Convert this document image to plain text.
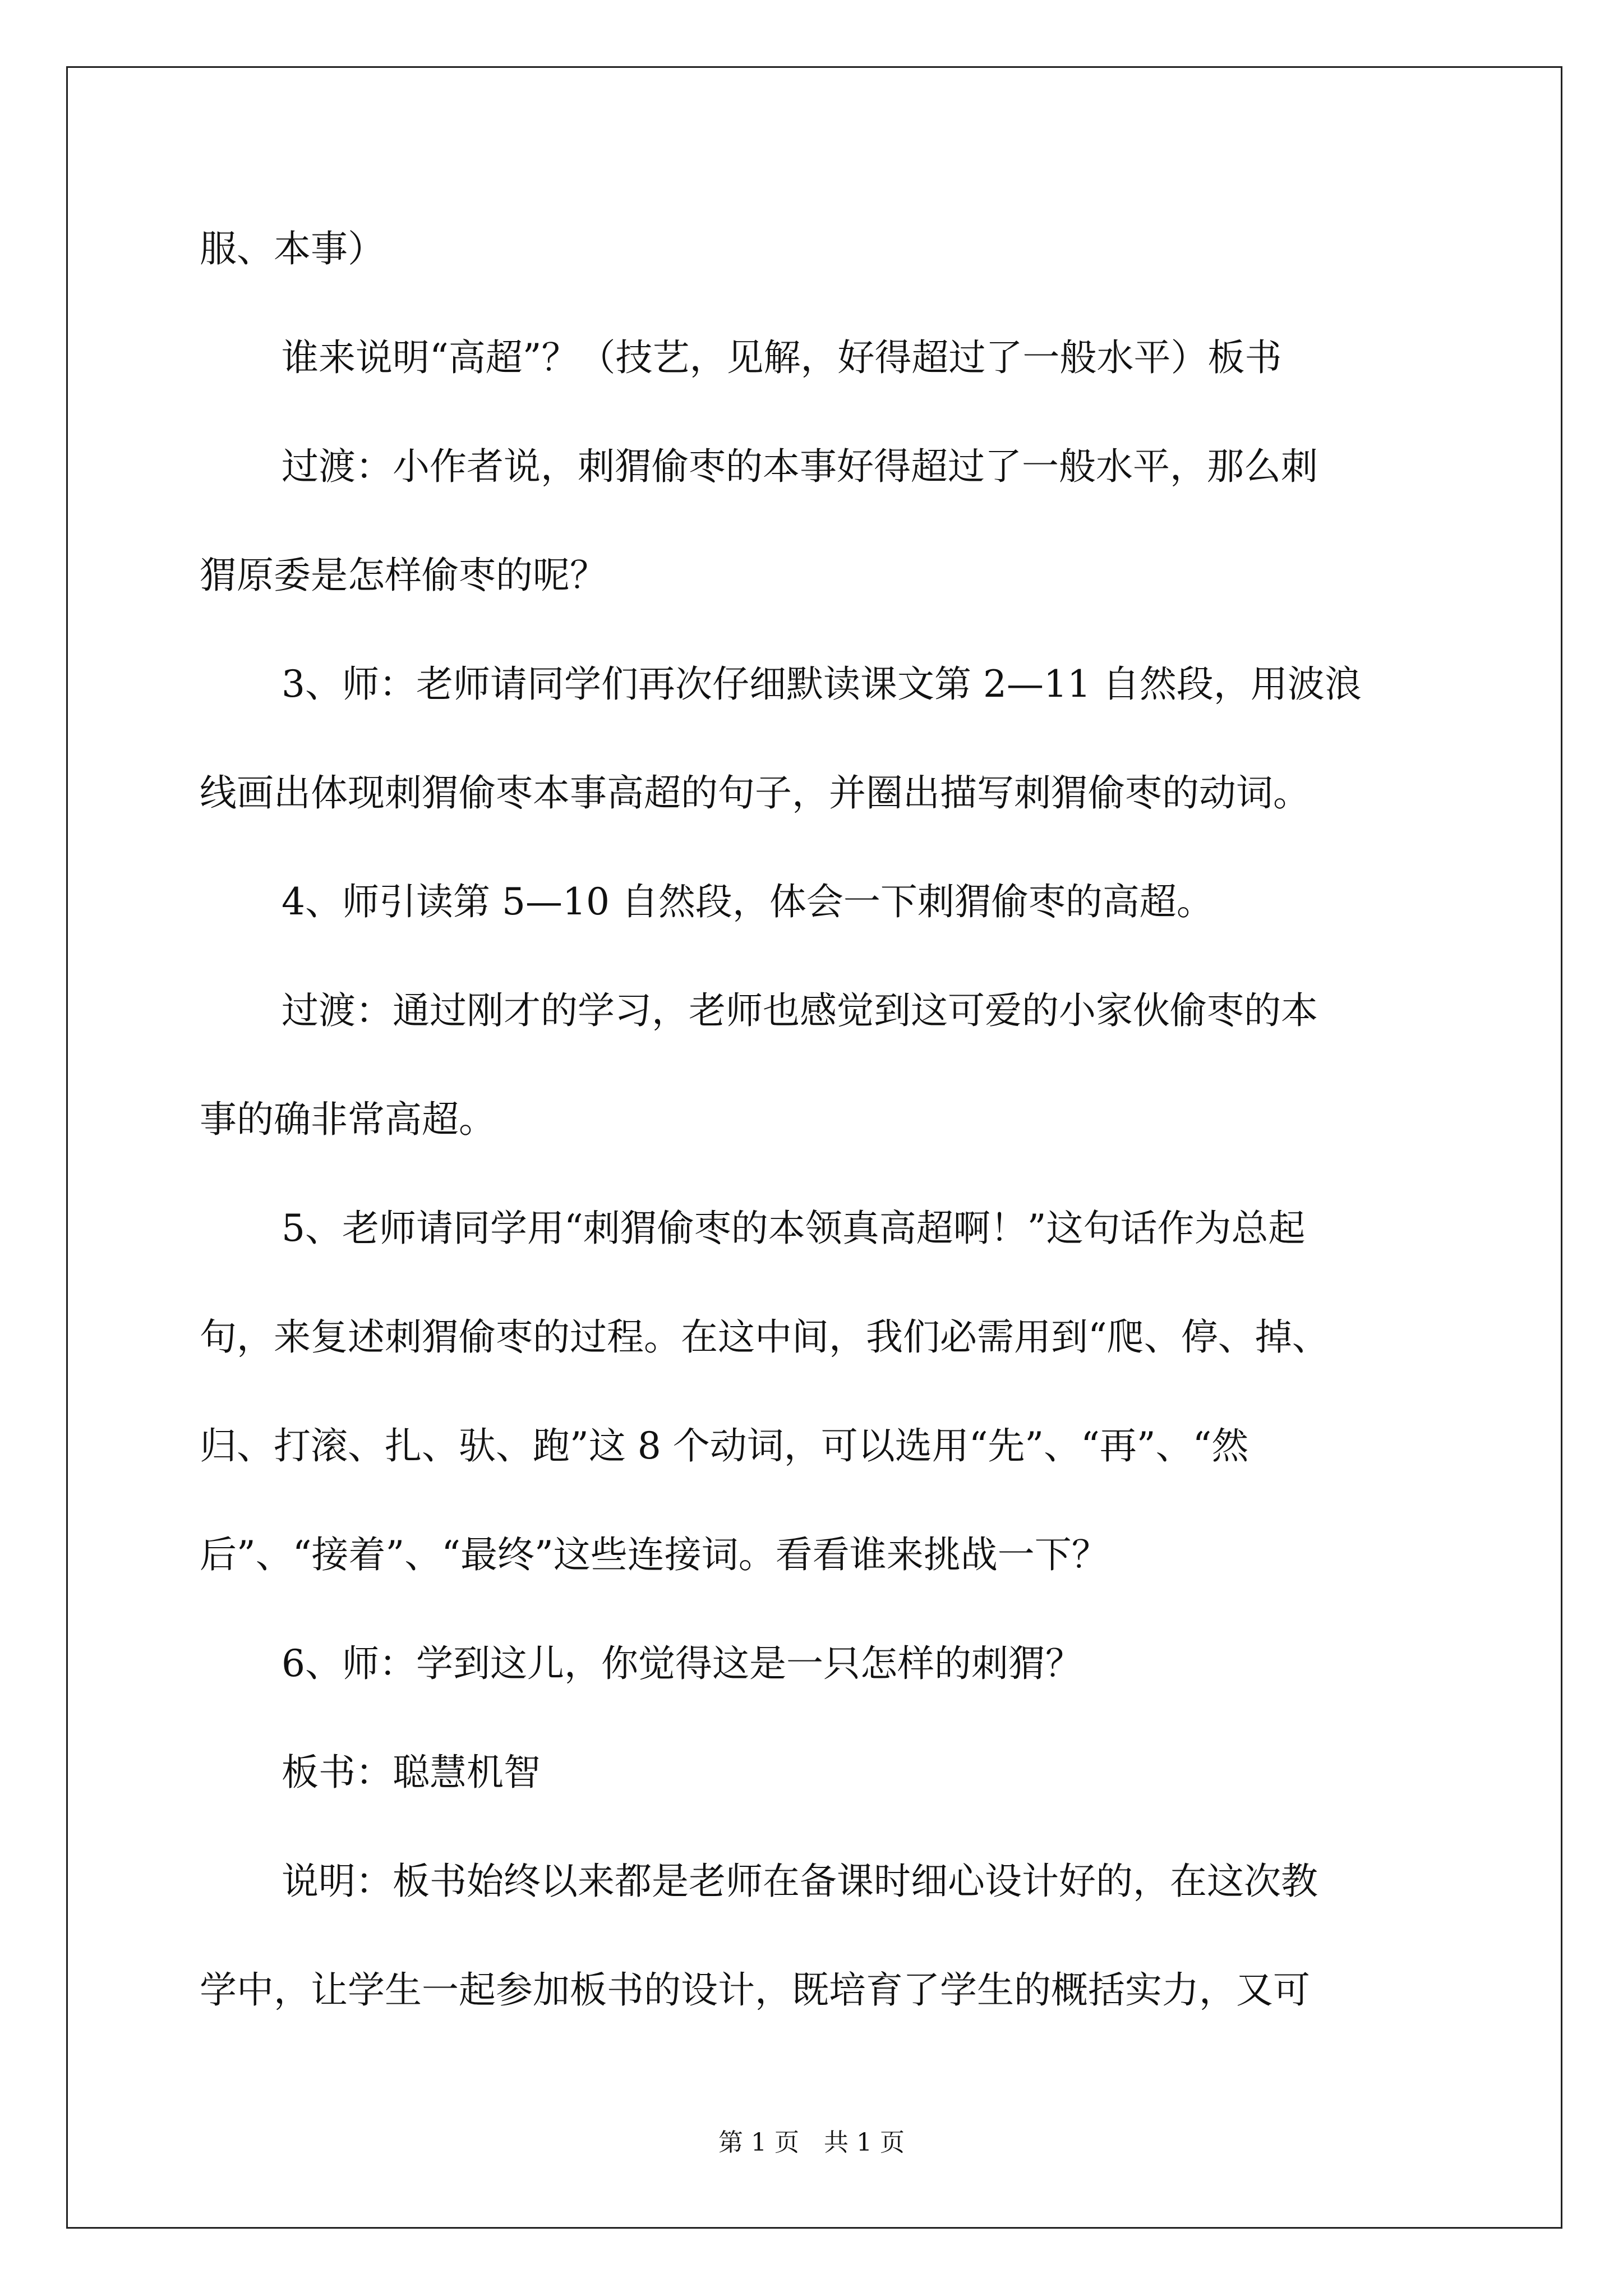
服、本事）
谁来说明“高超”？（技艺，见解，好得超过了一般水平）板书
过渡：小作者说，刺猬偷枣的本事好得超过了一般水平，那么刺
猬原委是怎样偷枣的呢？
3、师：老师请同学们再次仔细默读课文第 2—11 自然段，用波浪
线画出体现刺猬偷枣本事高超的句子，并圈出描写刺猬偷枣的动词。
4、师引读第 5—10 自然段，体会一下刺猬偷枣的高超。
过渡：通过刚才的学习，老师也感觉到这可爱的小家伙偷枣的本
事的确非常高超。
5、老师请同学用“刺猬偷枣的本领真高超啊！”这句话作为总起
句，来复述刺猬偷枣的过程。在这中间，我们必需用到“爬、停、掉、
归、打滚、扎、驮、跑”这 8 个动词，可以选用“先”、“再”、“然
后”、“接着”、“最终”这些连接词。看看谁来挑战一下？
6、师：学到这儿，你觉得这是一只怎样的刺猬？
板书：聪慧机智
说明：板书始终以来都是老师在备课时细心设计好的，在这次教
学中，让学生一起参加板书的设计，既培育了学生的概括实力，又可
第 1 页　共 1 页
